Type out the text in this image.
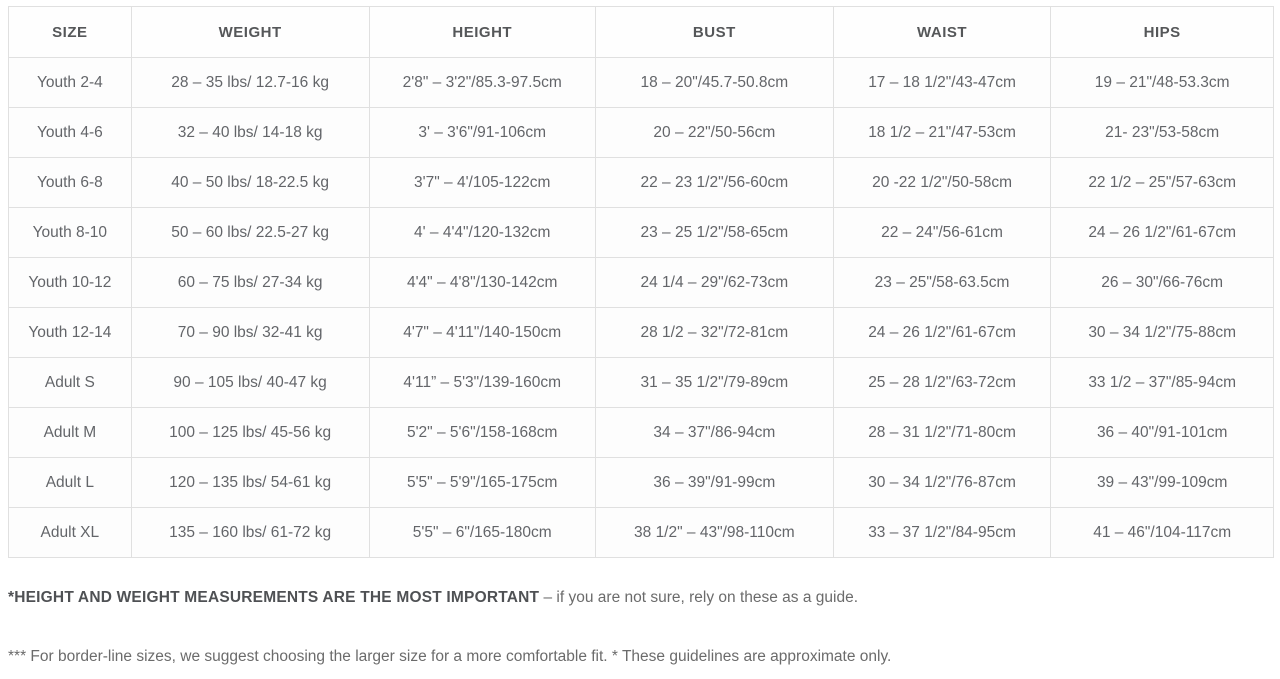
SIZE	WEIGHT	HEIGHT	BUST	WAIST	HIPS
Youth 2-4	28 – 35 lbs/ 12.7-16 kg	2'8" – 3'2"/85.3-97.5cm	18 – 20"/45.7-50.8cm	17 – 18 1/2"/43-47cm	19 – 21"/48-53.3cm
Youth 4-6	32 – 40 lbs/ 14-18 kg	3' – 3'6"/91-106cm	20 – 22"/50-56cm	18 1/2 – 21"/47-53cm	21- 23"/53-58cm
Youth 6-8	40 – 50 lbs/ 18-22.5 kg	3'7" – 4'/105-122cm	22 – 23 1/2"/56-60cm	20 -22 1/2"/50-58cm	22 1/2 – 25"/57-63cm
Youth 8-10	50 – 60 lbs/ 22.5-27 kg	4' – 4'4"/120-132cm	23 – 25 1/2"/58-65cm	22 – 24"/56-61cm	24 – 26 1/2"/61-67cm
Youth 10-12	60 – 75 lbs/ 27-34 kg	4'4" – 4'8"/130-142cm	24 1/4 – 29"/62-73cm	23 – 25"/58-63.5cm	26 – 30"/66-76cm
Youth 12-14	70 – 90 lbs/ 32-41 kg	4'7" – 4'11"/140-150cm	28 1/2 – 32"/72-81cm	24 – 26 1/2"/61-67cm	30 – 34 1/2"/75-88cm
Adult S	90 – 105 lbs/ 40-47 kg	4'11” – 5'3"/139-160cm	31 – 35 1/2"/79-89cm	25 – 28 1/2"/63-72cm	33 1/2 – 37"/85-94cm
Adult M	100 – 125 lbs/ 45-56 kg	5'2" – 5'6"/158-168cm	34 – 37"/86-94cm	28 – 31 1/2"/71-80cm	36 – 40"/91-101cm
Adult L	120 – 135 lbs/ 54-61 kg	5'5" – 5'9"/165-175cm	36 – 39"/91-99cm	30 – 34 1/2"/76-87cm	39 – 43"/99-109cm
Adult XL	135 – 160 lbs/ 61-72 kg	5'5" – 6"/165-180cm	38 1/2" – 43"/98-110cm	33 – 37 1/2"/84-95cm	41 – 46"/104-117cm
*HEIGHT AND WEIGHT MEASUREMENTS ARE THE MOST IMPORTANT – if you are not sure, rely on these as a guide.
*** For border-line sizes, we suggest choosing the larger size for a more comfortable fit. * These guidelines are approximate only.
